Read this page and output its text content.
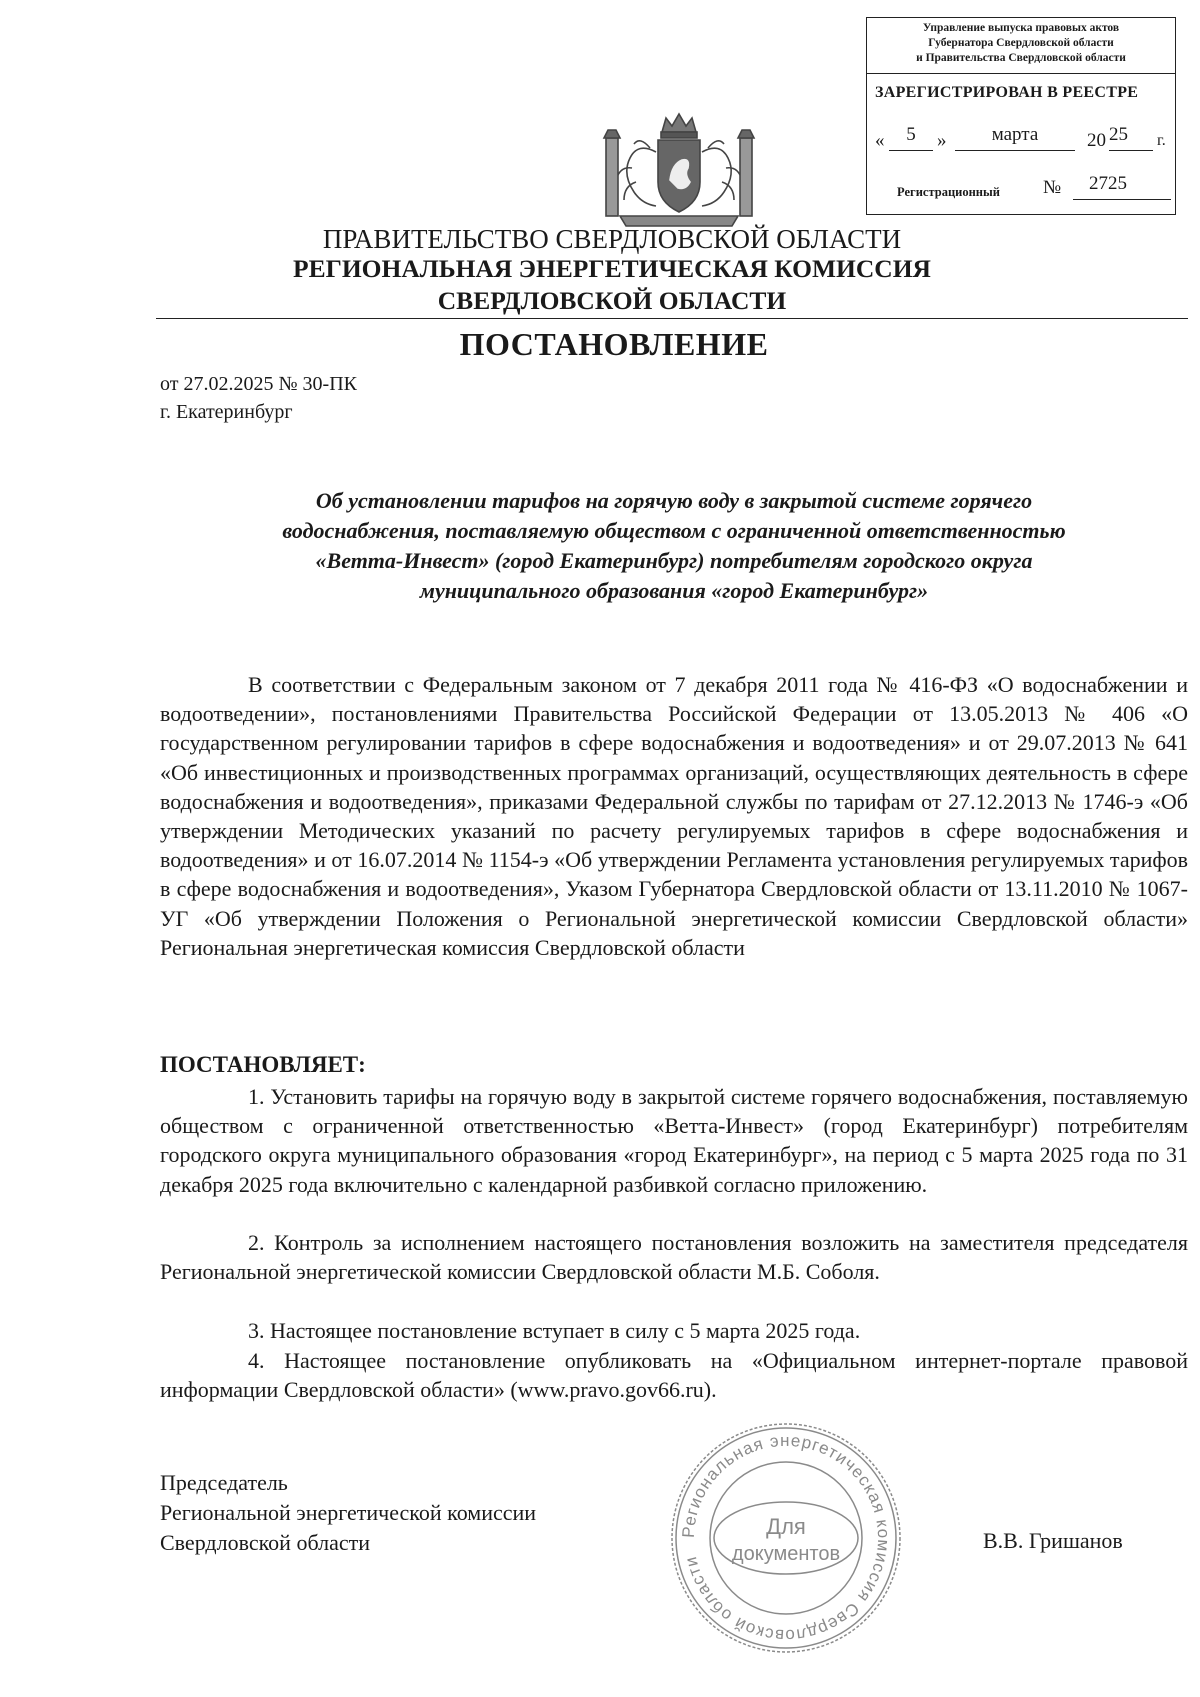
Управление выпуска правовых актов
Губернатора Свердловской области
и Правительства Свердловской области
ЗАРЕГИСТРИРОВАН В РЕЕСТРЕ
«	5	»	марта	20 25	г.
Регистрационный №	2725
ПРАВИТЕЛЬСТВО СВЕРДЛОВСКОЙ ОБЛАСТИ
РЕГИОНАЛЬНАЯ ЭНЕРГЕТИЧЕСКАЯ КОМИССИЯ
СВЕРДЛОВСКОЙ ОБЛАСТИ
ПОСТАНОВЛЕНИЕ
от 27.02.2025 № 30-ПК
г. Екатеринбург
Об установлении тарифов на горячую воду в закрытой системе горячего
водоснабжения, поставляемую обществом с ограниченной ответственностью
«Ветта-Инвест» (город Екатеринбург) потребителям городского округа
муниципального образования «город Екатеринбург»
В соответствии с Федеральным законом от 7 декабря 2011 года № 416-ФЗ «О водоснабжении и водоотведении», постановлениями Правительства Российской Федерации от 13.05.2013 № 406 «О государственном регулировании тарифов в сфере водоснабжения и водоотведения» и от 29.07.2013 № 641 «Об инвестиционных и производственных программах организаций, осуществляющих деятельность в сфере водоснабжения и водоотведения», приказами Федеральной службы по тарифам от 27.12.2013 № 1746-э «Об утверждении Методических указаний по расчету регулируемых тарифов в сфере водоснабжения и водоотведения» и от 16.07.2014 № 1154-э «Об утверждении Регламента установления регулируемых тарифов в сфере водоснабжения и водоотведения», Указом Губернатора Свердловской области от 13.11.2010 № 1067-УГ «Об утверждении Положения о Региональной энергетической комиссии Свердловской области» Региональная энергетическая комиссия Свердловской области
ПОСТАНОВЛЯЕТ:
1. Установить тарифы на горячую воду в закрытой системе горячего водоснабжения, поставляемую обществом с ограниченной ответственностью «Ветта-Инвест» (город Екатеринбург) потребителям городского округа муниципального образования «город Екатеринбург», на период с 5 марта 2025 года по 31 декабря 2025 года включительно с календарной разбивкой согласно приложению.
2. Контроль за исполнением настоящего постановления возложить на заместителя председателя Региональной энергетической комиссии Свердловской области М.Б. Соболя.
3. Настоящее постановление вступает в силу с 5 марта 2025 года.
4. Настоящее постановление опубликовать на «Официальном интернет-портале правовой информации Свердловской области» (www.pravo.gov66.ru).
Председатель
Региональной энергетической комиссии
Свердловской области	Региональная энергетическая комиссия Свердловской области
Для
документов
В.В. Гришанов
